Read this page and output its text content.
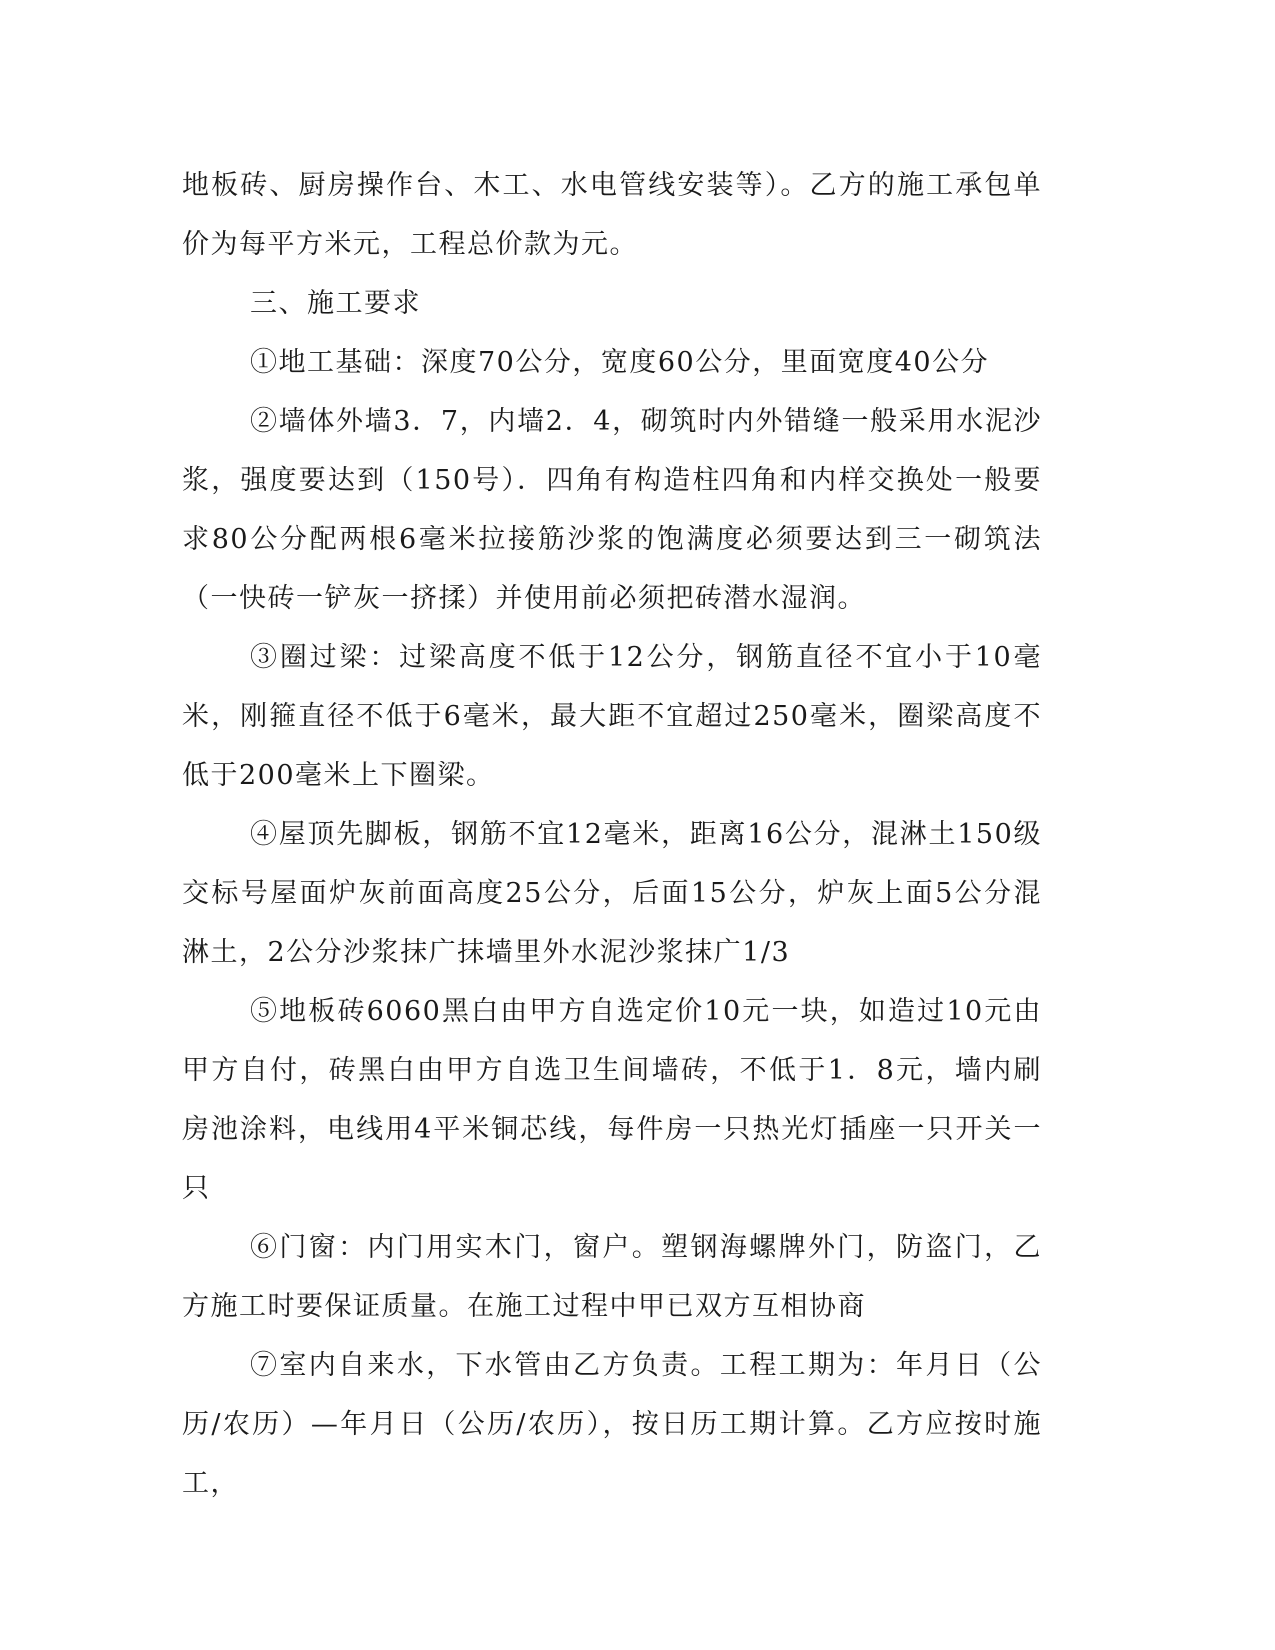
地板砖、厨房操作台、木工、水电管线安装等）。乙方的施工承包单价为每平方米元，工程总价款为元。

三、施工要求

①地工基础：深度70公分，宽度60公分，里面宽度40公分

②墙体外墙3．7，内墙2．4，砌筑时内外错缝一般采用水泥沙浆，强度要达到（150号）．四角有构造柱四角和内样交换处一般要求80公分配两根6毫米拉接筋沙浆的饱满度必须要达到三一砌筑法（一快砖一铲灰一挤揉）并使用前必须把砖潜水湿润。

③圈过梁：过梁高度不低于12公分，钢筋直径不宜小于10毫米，刚箍直径不低于6毫米，最大距不宜超过250毫米，圈梁高度不低于200毫米上下圈梁。

④屋顶先脚板，钢筋不宜12毫米，距离16公分，混淋土150级交标号屋面炉灰前面高度25公分，后面15公分，炉灰上面5公分混淋土，2公分沙浆抹广抹墙里外水泥沙浆抹广1/3

⑤地板砖6060黑白由甲方自选定价10元一块，如造过10元由甲方自付，砖黑白由甲方自选卫生间墙砖，不低于1．8元，墙内刷房池涂料，电线用4平米铜芯线，每件房一只热光灯插座一只开关一只

⑥门窗：内门用实木门，窗户。塑钢海螺牌外门，防盗门，乙方施工时要保证质量。在施工过程中甲已双方互相协商

⑦室内自来水，下水管由乙方负责。工程工期为：年月日（公历/农历）—年月日（公历/农历），按日历工期计算。乙方应按时施工，
